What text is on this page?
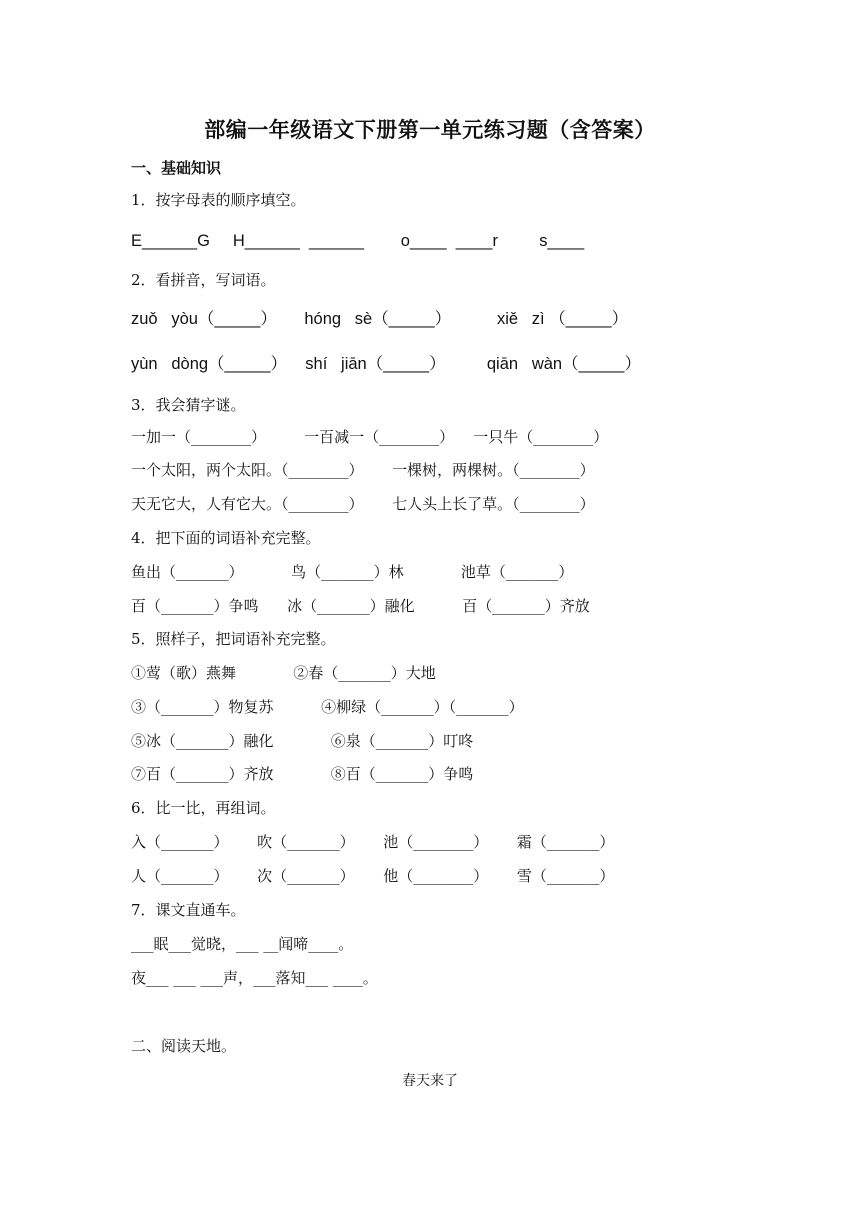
部编一年级语文下册第一单元练习题（含答案）
一、基础知识
1．按字母表的顺序填空。
E______G     H______  ______        o____  ____r         s____
2．看拼音，写词语。
zuǒ   yòu（_____）      hóng   sè（_____）          xiě   zì （_____）
yùn   dòng（_____）    shí   jiān（_____）         qiān   wàn（_____）
3．我会猜字谜。
一加一（________）        一百减一（________）    一只牛（________）
一个太阳，两个太阳。（________）      一棵树，两棵树。（________）
天无它大，人有它大。（________）      七人头上长了草。（________）
4．把下面的词语补充完整。
鱼出（_______）          鸟（_______）林            池草（_______）
百（_______）争鸣      冰（_______）融化          百（_______）齐放
5．照样子，把词语补充完整。
①莺（歌）燕舞            ②春（_______）大地
③（_______）物复苏          ④柳绿（_______）（_______）
⑤冰（_______）融化            ⑥泉（_______）叮咚
⑦百（_______）齐放            ⑧百（_______）争鸣
6．比一比，再组词。
入（_______）      吹（_______）      池（________）      霜（_______）
人（_______）      次（_______）      他（________）      雪（_______）
7．课文直通车。
___眠___觉晓，___ __闻啼____。
夜___ ___ ___声，___落知___ ____。
二、阅读天地。
春天来了
